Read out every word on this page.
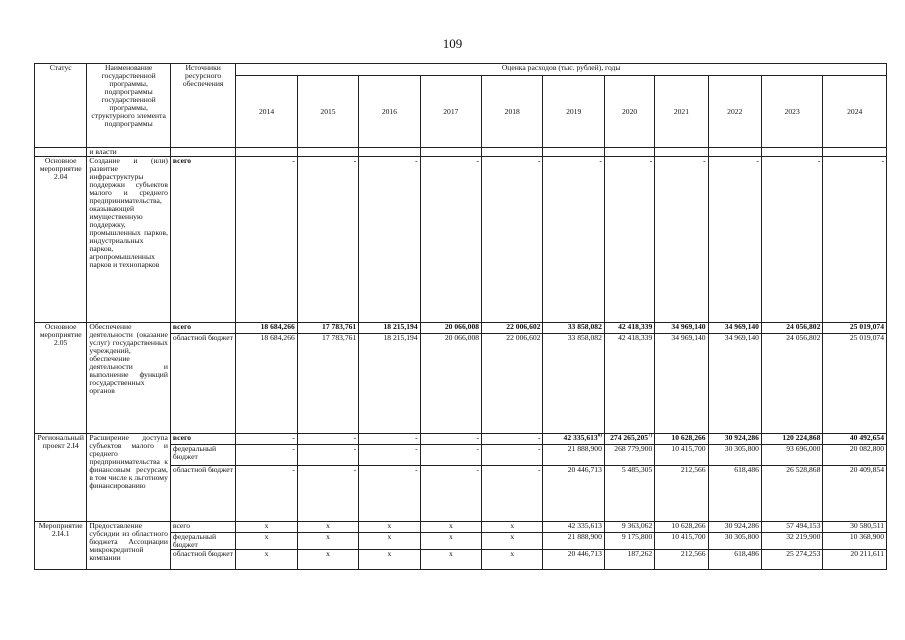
109
Статус	Наименование государственной программы, подпрограммы государственной программы, структурного элемента подпрограммы	Источники ресурсного обеспечения	Оценка расходов (тыс. рублей), годы										
			2014	2015	2016	2017	2018	2019	2020	2021	2022	2023	2024
	и власти												
Основное мероприятие 2.04	Создание и (или) развитие инфраструктуры поддержки субъектов малого и среднего предпринимательства, оказывающей имущественную поддержку, промышленных парков, индустриальных парков, агропромышленных парков и технопарков	всего	-	-	-	-	-	-	-	-	-	-	-
Основное мероприятие 2.05	Обеспечение деятельности (оказание услуг) государственных учреждений, обеспечение деятельности и выполнение функций государственных органов	всего	18 684,266	17 783,761	18 215,194	20 066,008	22 006,602	33 858,082	42 418,339	34 969,140	34 969,140	24 056,802	25 019,074
		областной бюджет	18 684,266	17 783,761	18 215,194	20 066,008	22 006,602	33 858,082	42 418,339	34 969,140	34 969,140	24 056,802	25 019,074
Региональный проект 2.I4	Расширение доступа субъектов малого и среднего предпринимательства к финансовым ресурсам, в том числе к льготному финансированию	всего	-	-	-	-	-	42 335,613$^{6)}$	274 265,205$^{7)}$	10 628,266	30 924,286	120 224,868	40 492,654
		федеральный бюджет	-	-	-	-	-	21 888,900	268 779,900	10 415,700	30 305,800	93 696,000	20 082,800
		областной бюджет	-	-	-	-	-	20 446,713	5 485,305	212,566	618,486	26 528,868	20 409,854
Мероприятие 2.I4.1	Предоставление субсидии из областного бюджета Ассоциации микрокредитной компании	всего	x	x	x	x	x	42 335,613	9 363,062	10 628,266	30 924,286	57 494,153	30 580,511
		федеральный бюджет	x	x	x	x	x	21 888,900	9 175,800	10 415,700	30 305,800	32 219,900	10 368,900
		областной бюджет	x	x	x	x	x	20 446,713	187,262	212,566	618,486	25 274,253	20 211,611
